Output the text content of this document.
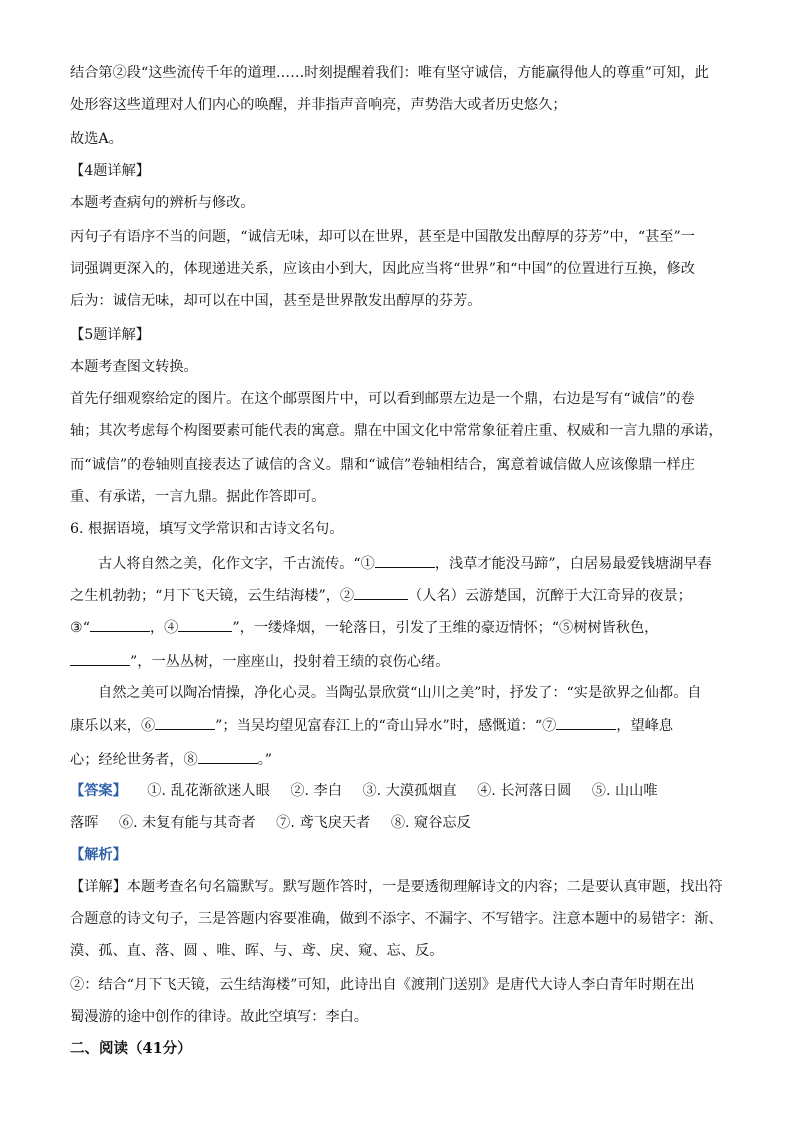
结合第②段“这些流传千年的道理……时刻提醒着我们：唯有坚守诚信，方能赢得他人的尊重”可知，此
处形容这些道理对人们内心的唤醒，并非指声音响亮，声势浩大或者历史悠久；
故选A。
【4题详解】
本题考查病句的辨析与修改。
丙句子有语序不当的问题，“诚信无味，却可以在世界，甚至是中国散发出醇厚的芬芳”中，“甚至”一
词强调更深入的，体现递进关系，应该由小到大，因此应当将“世界”和“中国”的位置进行互换，修改
后为：诚信无味，却可以在中国，甚至是世界散发出醇厚的芬芳。
【5题详解】
本题考查图文转换。
首先仔细观察给定的图片。在这个邮票图片中，可以看到邮票左边是一个鼎，右边是写有“诚信”的卷
轴；其次考虑每个构图要素可能代表的寓意。鼎在中国文化中常常象征着庄重、权威和一言九鼎的承诺，
而“诚信”的卷轴则直接表达了诚信的含义。鼎和“诚信”卷轴相结合，寓意着诚信做人应该像鼎一样庄
重、有承诺，一言九鼎。据此作答即可。
6. 根据语境，填写文学常识和古诗文名句。
古人将自然之美，化作文字，千古流传。“①	，浅草才能没马蹄”，白居易最爱钱塘湖早春
之生机勃勃；“月下飞天镜，云生结海楼”，②	（人名）云游楚国，沉醉于大江奇异的夜景；
③“	，④	”，一缕烽烟，一轮落日，引发了王维的豪迈情怀；“⑤树树皆秋色，
”，一丛丛树，一座座山，投射着王绩的哀伤心绪。
自然之美可以陶冶情操，净化心灵。当陶弘景欣赏“山川之美”时，抒发了：“实是欲界之仙都。自
康乐以来，⑥	”；当吴均望见富春江上的“奇山异水”时，感慨道：“⑦	，望峰息
心；经纶世务者，⑧	。”
【答案】 ①. 乱花渐欲迷人眼 ②. 李白 ③. 大漠孤烟直 ④. 长河落日圆 ⑤. 山山唯
落晖 ⑥. 未复有能与其奇者 ⑦. 鸢飞戾天者 ⑧. 窥谷忘反
【解析】
【详解】本题考查名句名篇默写。默写题作答时，一是要透彻理解诗文的内容；二是要认真审题，找出符
合题意的诗文句子，三是答题内容要准确，做到不添字、不漏字、不写错字。注意本题中的易错字：渐、
漠、孤、直、落、圆 、唯、晖、与、鸢、戾、窥、忘、反。
②：结合“月下飞天镜，云生结海楼”可知，此诗出自《渡荆门送别》是唐代大诗人李白青年时期在出
蜀漫游的途中创作的律诗。故此空填写：李白。
二、阅读（41分）
